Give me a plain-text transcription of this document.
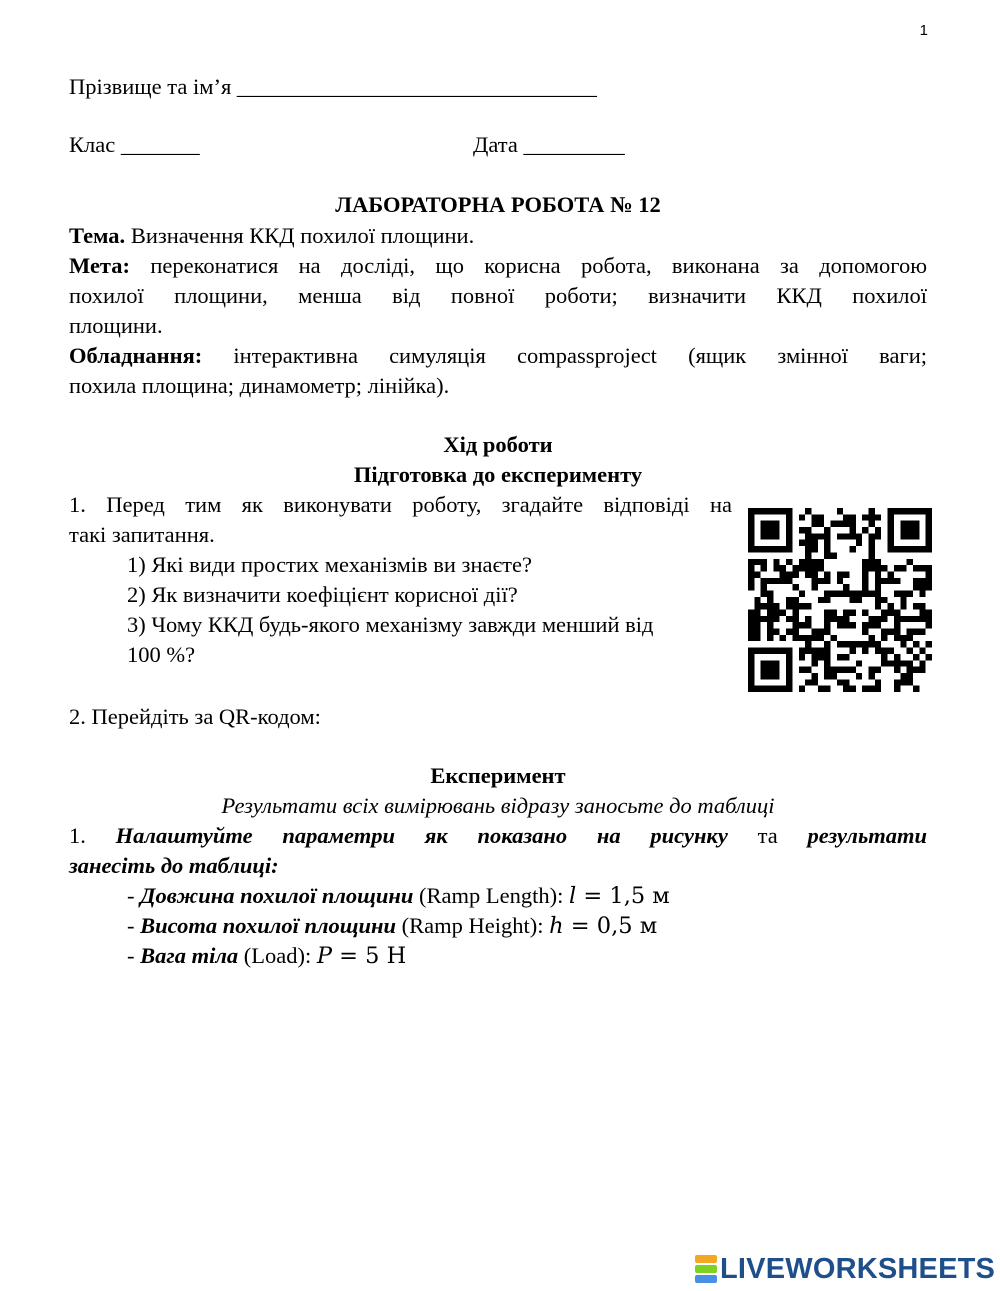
1
Прізвище та ім’я ________________________________
Клас _______	Дата _________
ЛАБОРАТОРНА РОБОТА № 12
Тема. Визначення ККД похилої площини.
Мета: переконатися на досліді, що корисна робота, виконана за допомогою
похилої площини, менша від повної роботи; визначити ККД похилої
площини.
Обладнання: інтерактивна симуляція compassproject (ящик змінної ваги;
похила площина; динамометр; лінійка).
Хід роботи
Підготовка до експерименту
1. Перед тим як виконувати роботу, згадайте відповіді на
такі запитання.
1) Які види простих механізмів ви знаєте?
2) Як визначити коефіцієнт корисної дії?
3) Чому ККД будь-якого механізму завжди менший від
100 %?
2. Перейдіть за QR-кодом:
Експеримент
Результати всіх вимірювань відразу заносьте до таблиці
1. Налаштуйте параметри як показано на рисунку та результати
занесіть до таблиці:
- Довжина похилої площини (Ramp Length): l = 1,5 м
- Висота похилої площини (Ramp Height): h = 0,5 м
- Вага тіла (Load): P = 5 Н
LIVEWORKSHEETS
